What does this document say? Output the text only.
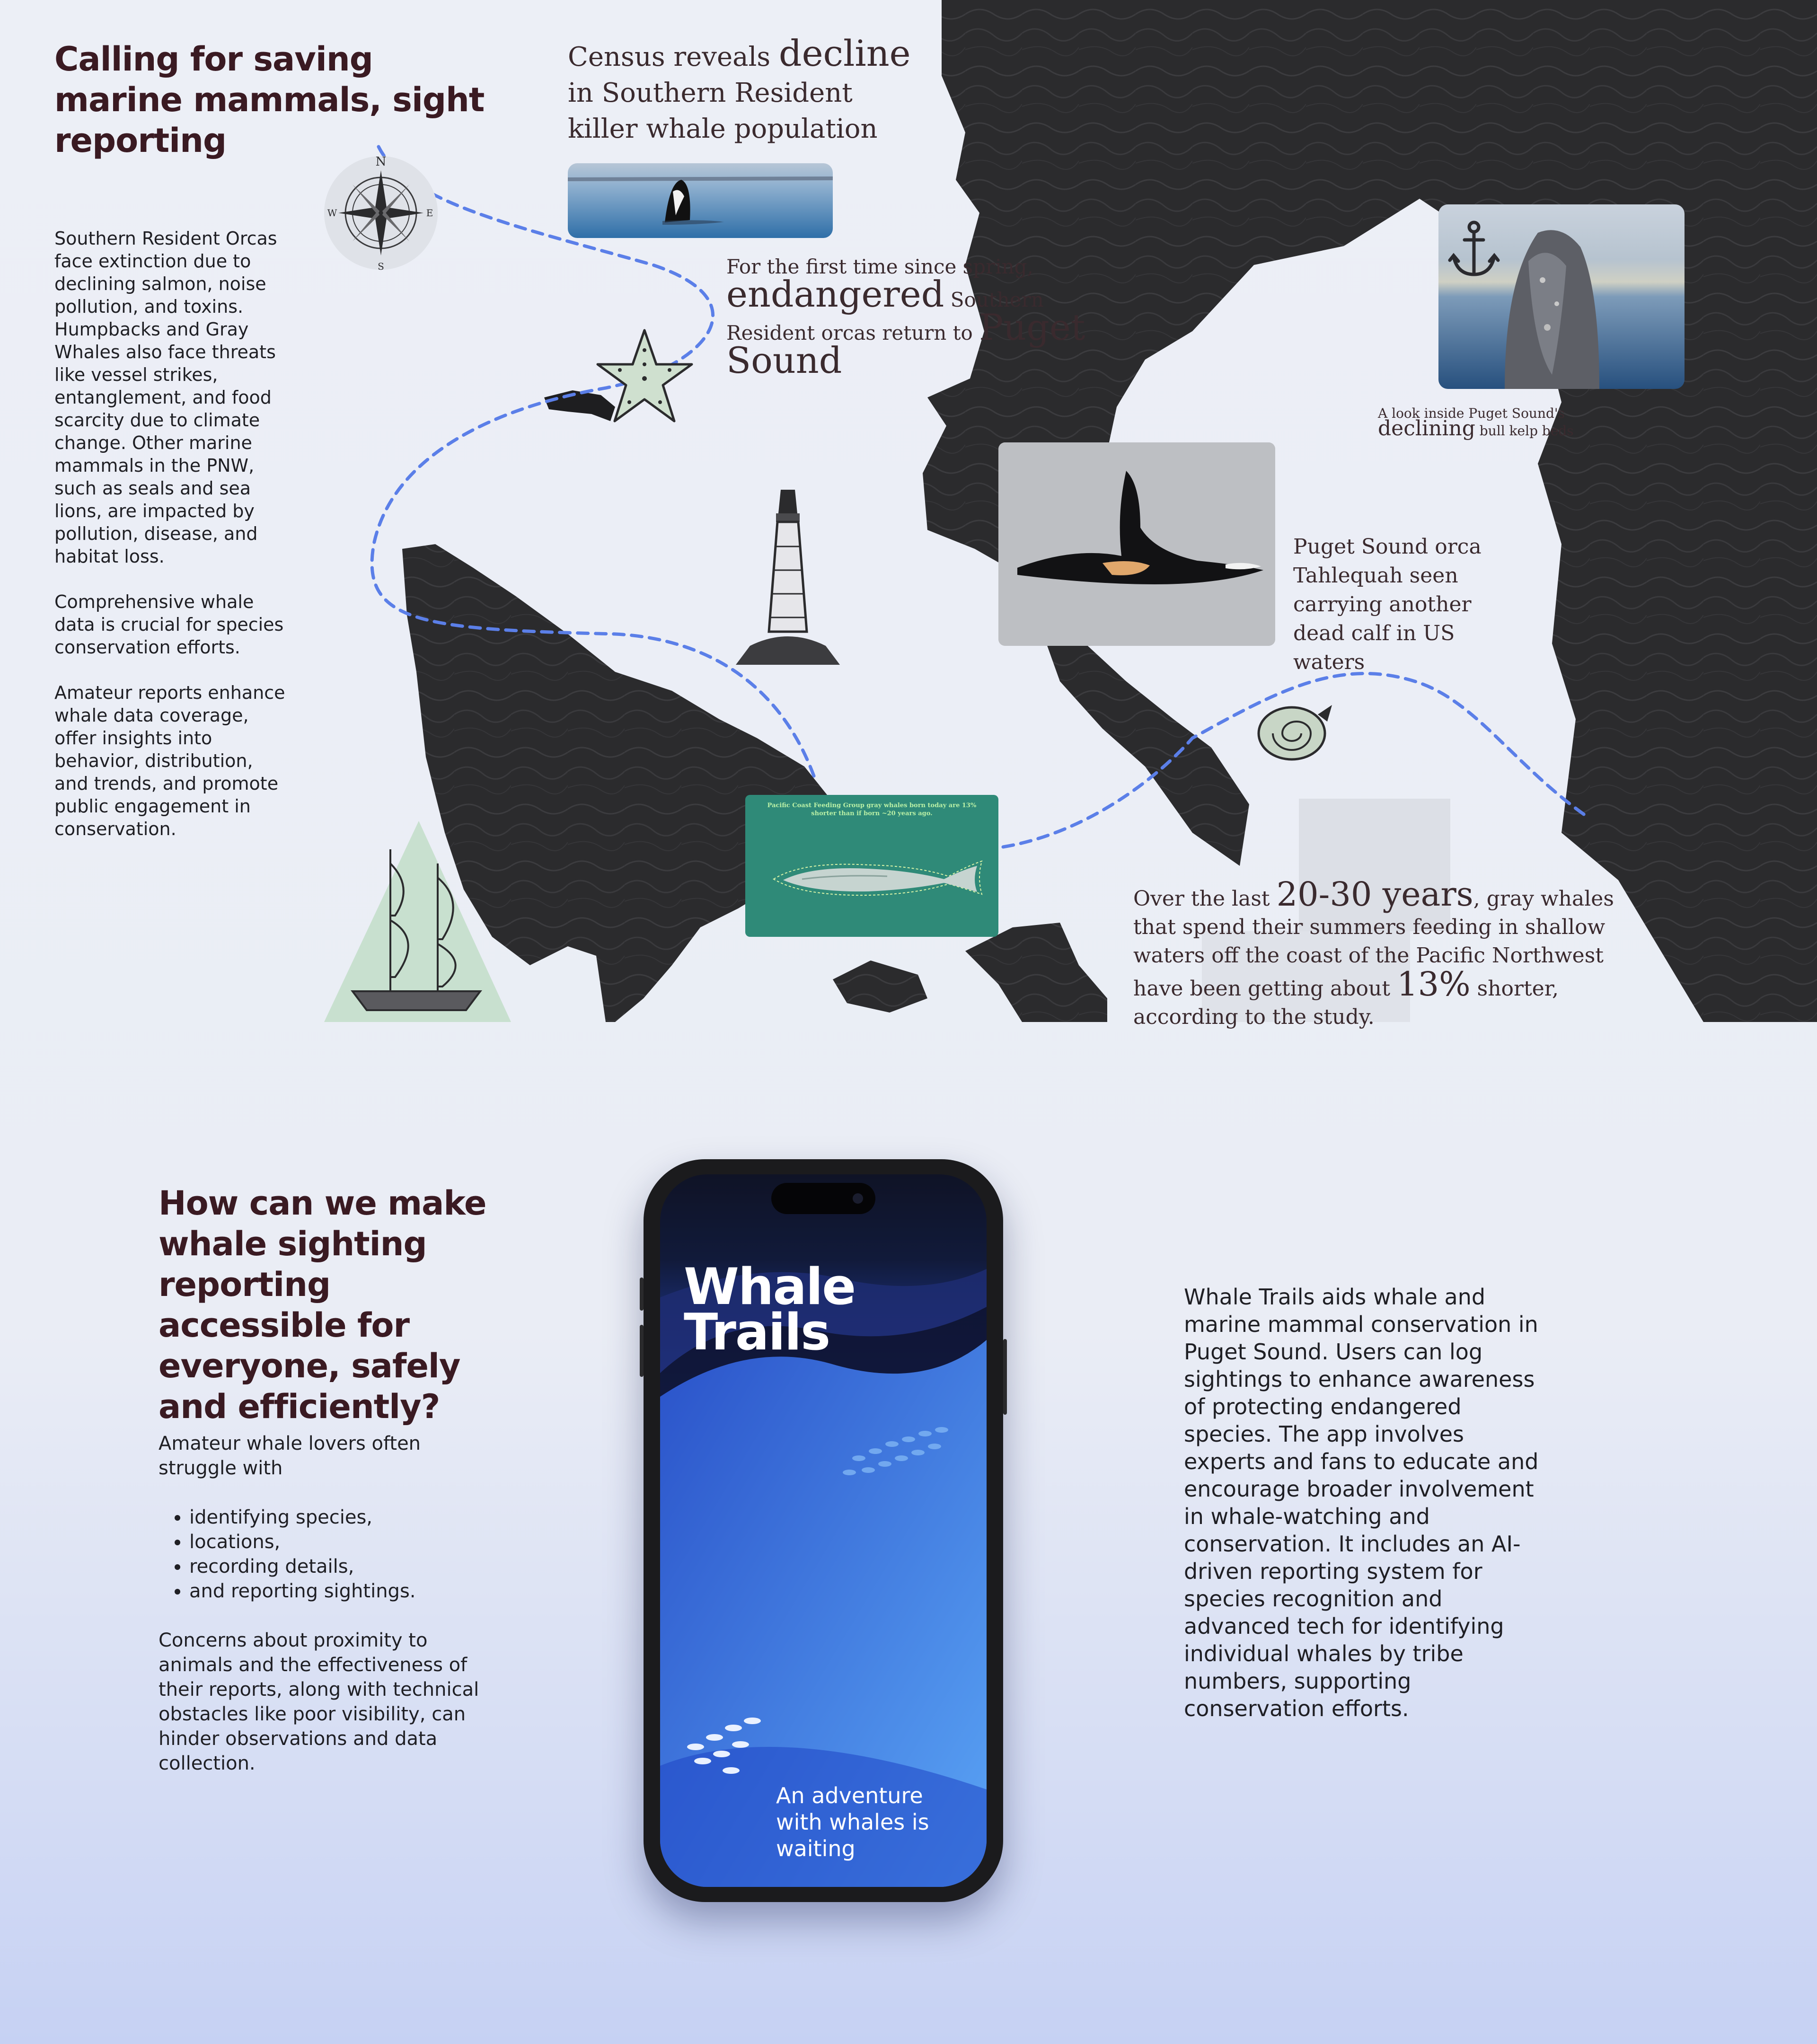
Calling for saving marine mammals, sight reporting

Southern Resident Orcas face extinction due to declining salmon, noise pollution, and toxins. Humpbacks and Gray Whales also face threats like vessel strikes, entanglement, and food scarcity due to climate change. Other marine mammals in the PNW, such as seals and sea lions, are impacted by pollution, disease, and habitat loss.

Comprehensive whale data is crucial for species conservation efforts.

Amateur reports enhance whale data coverage, offer insights into behavior, distribution, and trends, and promote public engagement in conservation.

Census reveals decline in Southern Resident killer whale population
For the first time since spring, endangered Southern Resident orcas return to Puget Sound
A look inside Puget Sound's declining bull kelp beds
Puget Sound orca Tahlequah seen carrying another dead calf in US waters
Pacific Coast Feeding Group gray whales born today are 13% shorter than if born ~20 years ago.
Over the last 20-30 years, gray whales that spend their summers feeding in shallow waters off the coast of the Pacific Northwest have been getting about 13% shorter, according to the study.
N
S
E
W
How can we make whale sighting reporting accessible for everyone, safely and efficiently?

Amateur whale lovers often struggle with

• identifying species,
• locations,
• recording details,
• and reporting sightings.

Concerns about proximity to animals and the effectiveness of their reports, along with technical obstacles like poor visibility, can hinder observations and data collection.

Whale
Trails
An adventure with whales is waiting
Whale Trails aids whale and marine mammal conservation in Puget Sound. Users can log sightings to enhance awareness of protecting endangered species. The app involves experts and fans to educate and encourage broader involvement in whale-watching and conservation. It includes an AI-driven reporting system for species recognition and advanced tech for identifying individual whales by tribe numbers, supporting conservation efforts.
